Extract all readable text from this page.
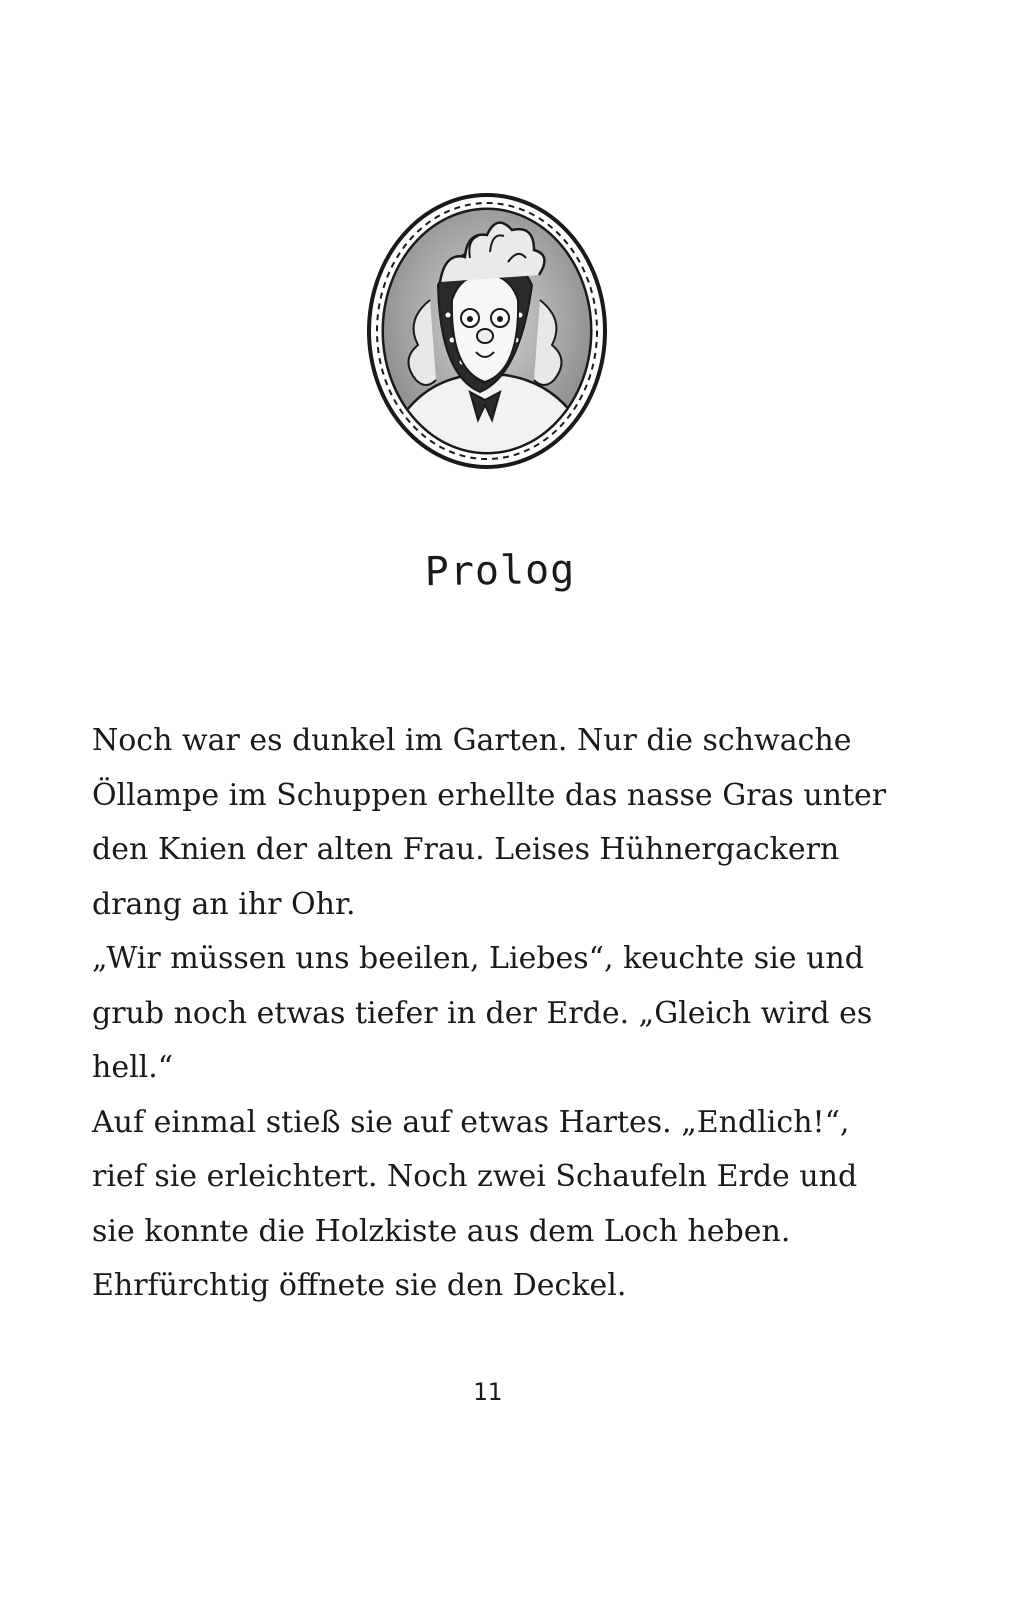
Prolog
Noch war es dunkel im Garten. Nur die schwache
Öllampe im Schuppen erhellte das nasse Gras unter
den Knien der alten Frau. Leises Hühnergackern
drang an ihr Ohr.
„Wir müssen uns beeilen, Liebes“, keuchte sie und
grub noch etwas tiefer in der Erde. „Gleich wird es
hell.“
Auf einmal stieß sie auf etwas Hartes. „Endlich!“,
rief sie erleichtert. Noch zwei Schaufeln Erde und
sie konnte die Holzkiste aus dem Loch heben.
Ehrfürchtig öffnete sie den Deckel.
11
